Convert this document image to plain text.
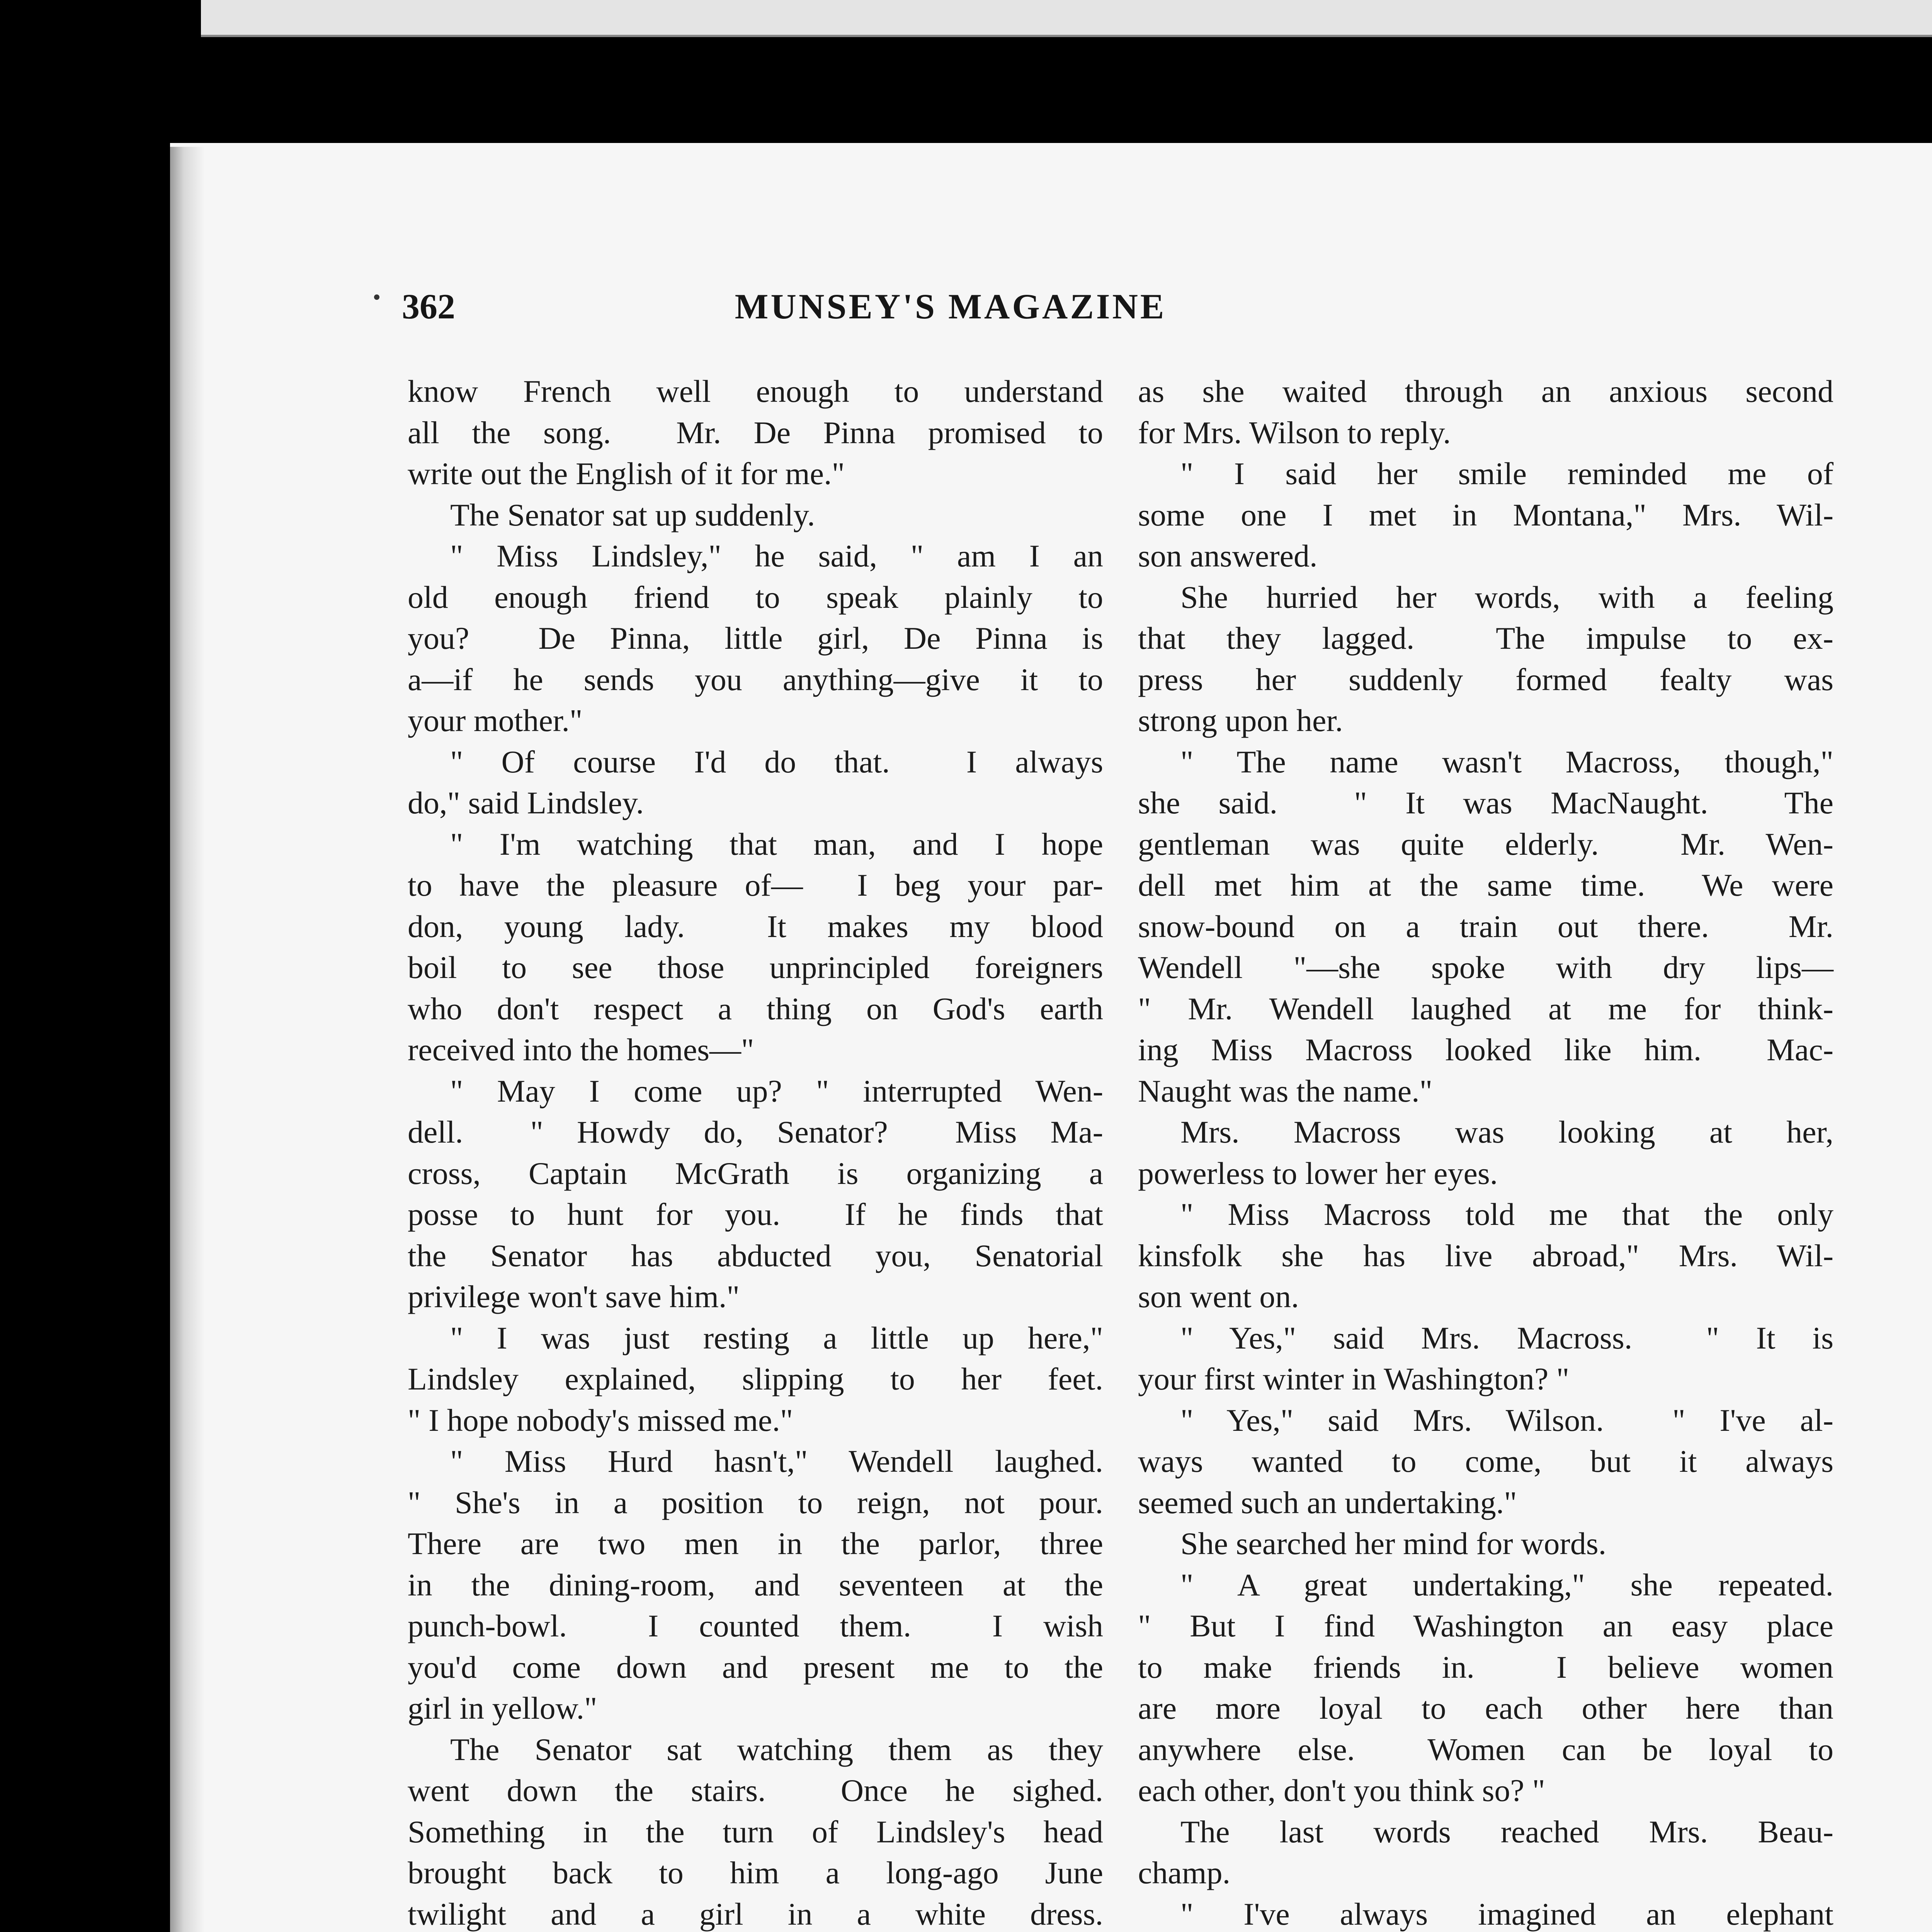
362	MUNSEY'S MAGAZINE
know French well enough to understand
all the song.  Mr. De Pinna promised to
write out the English of it for me."
The Senator sat up suddenly.
" Miss Lindsley," he said, " am I an
old enough friend to speak plainly to
you?  De Pinna, little girl, De Pinna is
a—if he sends you anything—give it to
your mother."
" Of course I'd do that.  I always
do," said Lindsley.
" I'm watching that man, and I hope
to have the pleasure of—  I beg your par-
don, young lady.  It makes my blood
boil to see those unprincipled foreigners
who don't respect a thing on God's earth
received into the homes—"
" May I come up? " interrupted Wen-
dell.  " Howdy do, Senator?  Miss Ma-
cross, Captain McGrath is organizing a
posse to hunt for you.  If he finds that
the Senator has abducted you, Senatorial
privilege won't save him."
" I was just resting a little up here,"
Lindsley explained, slipping to her feet.
" I hope nobody's missed me."
" Miss Hurd hasn't," Wendell laughed.
" She's in a position to reign, not pour.
There are two men in the parlor, three
in the dining-room, and seventeen at the
punch-bowl.  I counted them.  I wish
you'd come down and present me to the
girl in yellow."
The Senator sat watching them as they
went down the stairs.  Once he sighed.
Something in the turn of Lindsley's head
brought back to him a long-ago June
twilight and a girl in a white dress.
as she waited through an anxious second
for Mrs. Wilson to reply.
" I said her smile reminded me of
some one I met in Montana," Mrs. Wil-
son answered.
She hurried her words, with a feeling
that they lagged.  The impulse to ex-
press her suddenly formed fealty was
strong upon her.
" The name wasn't Macross, though,"
she said.  " It was MacNaught.  The
gentleman was quite elderly.  Mr. Wen-
dell met him at the same time.  We were
snow-bound on a train out there.  Mr.
Wendell "—she spoke with dry lips—
" Mr. Wendell laughed at me for think-
ing Miss Macross looked like him.  Mac-
Naught was the name."
Mrs. Macross was looking at her,
powerless to lower her eyes.
" Miss Macross told me that the only
kinsfolk she has live abroad," Mrs. Wil-
son went on.
" Yes," said Mrs. Macross.  " It is
your first winter in Washington? "
" Yes," said Mrs. Wilson.  " I've al-
ways wanted to come, but it always
seemed such an undertaking."
She searched her mind for words.
" A great undertaking," she repeated.
" But I find Washington an easy place
to make friends in.  I believe women
are more loyal to each other here than
anywhere else.  Women can be loyal to
each other, don't you think so? "
The last words reached Mrs. Beau-
champ.
" I've always imagined an elephant
